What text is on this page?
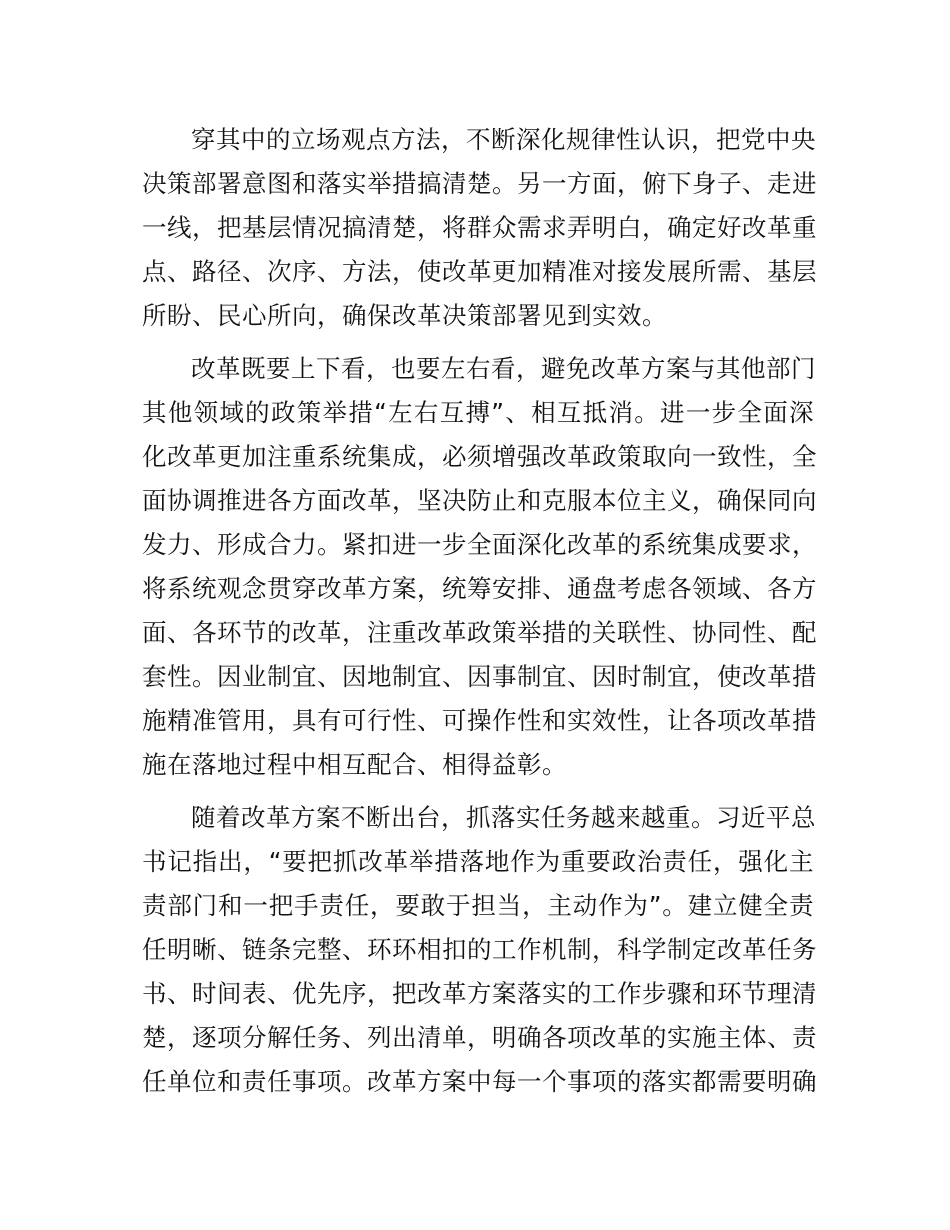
穿其中的立场观点方法，不断深化规律性认识，把党中央
决策部署意图和落实举措搞清楚。另一方面，俯下身子、走进
一线，把基层情况搞清楚，将群众需求弄明白，确定好改革重
点、路径、次序、方法，使改革更加精准对接发展所需、基层
所盼、民心所向，确保改革决策部署见到实效。

改革既要上下看，也要左右看，避免改革方案与其他部门
其他领域的政策举措“左右互搏”、相互抵消。进一步全面深
化改革更加注重系统集成，必须增强改革政策取向一致性，全
面协调推进各方面改革，坚决防止和克服本位主义，确保同向
发力、形成合力。紧扣进一步全面深化改革的系统集成要求，
将系统观念贯穿改革方案，统筹安排、通盘考虑各领域、各方
面、各环节的改革，注重改革政策举措的关联性、协同性、配
套性。因业制宜、因地制宜、因事制宜、因时制宜，使改革措
施精准管用，具有可行性、可操作性和实效性，让各项改革措
施在落地过程中相互配合、相得益彰。

随着改革方案不断出台，抓落实任务越来越重。习近平总
书记指出，“要把抓改革举措落地作为重要政治责任，强化主
责部门和一把手责任，要敢于担当，主动作为”。建立健全责
任明晰、链条完整、环环相扣的工作机制，科学制定改革任务
书、时间表、优先序，把改革方案落实的工作步骤和环节理清
楚，逐项分解任务、列出清单，明确各项改革的实施主体、责
任单位和责任事项。改革方案中每一个事项的落实都需要明确
